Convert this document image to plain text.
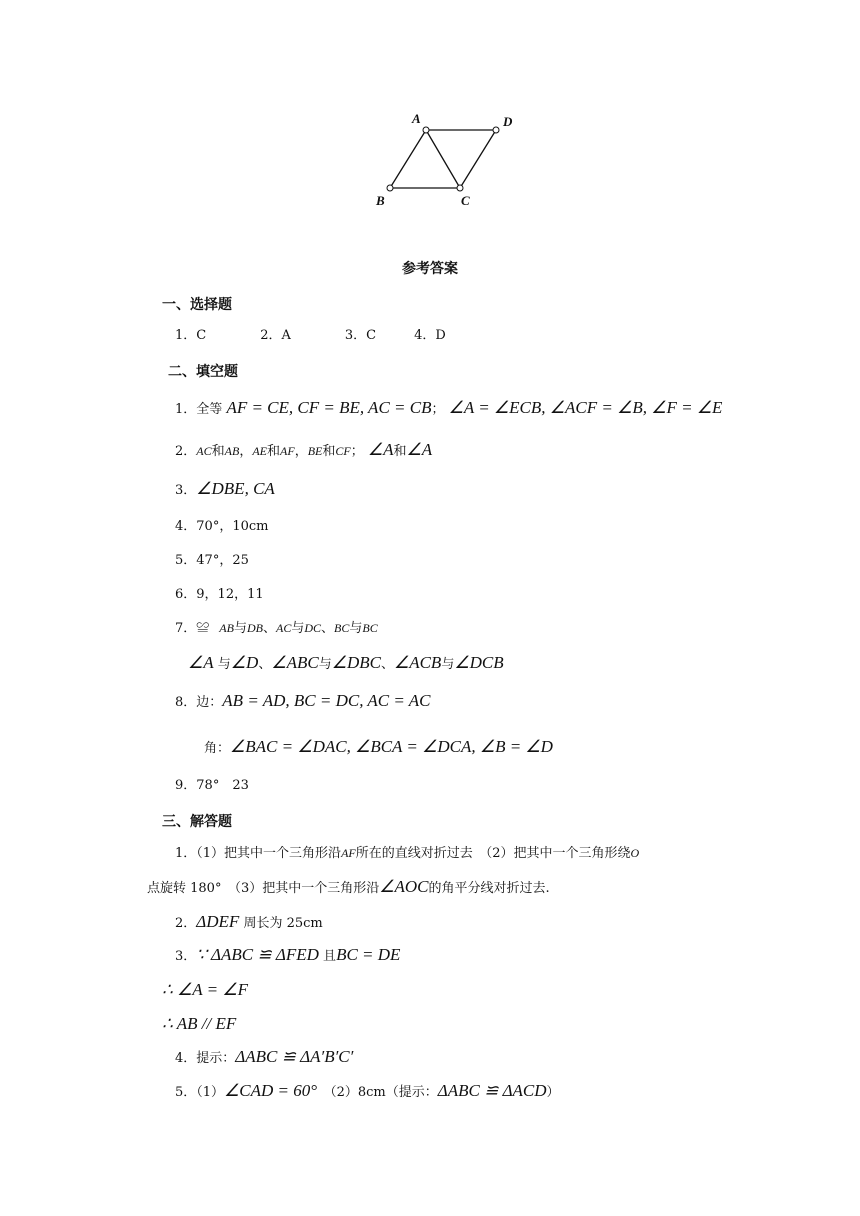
A	D
B	C
参考答案
一、选择题
1．C	2．A	3．C	4．D
二、填空题
1．全等 AF = CE, CF = BE, AC = CB； ∠A = ∠ECB, ∠ACF = ∠B, ∠F = ∠E
2．AC和AB，AE和AF，BE和CF； ∠A和∠A
3．∠DBE, CA
4．70°，10cm
5．47°，25
6．9，12，11
7．≌ AB与DB、AC与DC、BC与BC
∠A 与∠D、∠ABC与∠DBC、∠ACB与∠DCB
8．边：AB = AD, BC = DC, AC = AC
角：∠BAC = ∠DAC, ∠BCA = ∠DCA, ∠B = ∠D
9．78°　23
三、解答题
1．（1）把其中一个三角形沿AF所在的直线对折过去　（2）把其中一个三角形绕O
点旋转 180°　（3）把其中一个三角形沿∠AOC的角平分线对折过去.
2．ΔDEF 周长为 25cm
3．∵ ΔABC ≌ ΔFED 且BC = DE
∴ ∠A = ∠F
∴ AB // EF
4．提示：ΔABC ≌ ΔA′B′C′
5．（1）∠CAD = 60°　（2）8cm（提示：ΔABC ≌ ΔACD）
